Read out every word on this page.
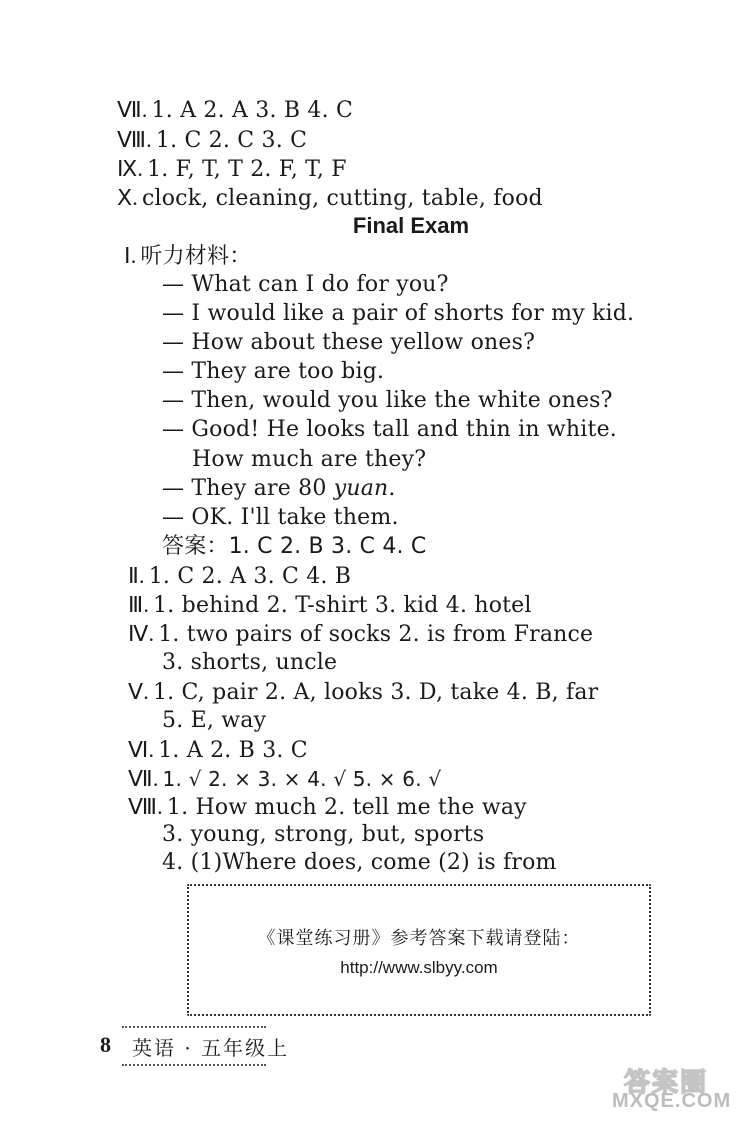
Ⅶ. 1. A 2. A 3. B 4. C
Ⅷ. 1. C 2. C 3. C
Ⅸ. 1. F, T, T 2. F, T, F
Ⅹ. clock, cleaning, cutting, table, food
Final Exam
Ⅰ. 听力材料：
— What can I do for you?
— I would like a pair of shorts for my kid.
— How about these yellow ones?
— They are too big.
— Then, would you like the white ones?
— Good! He looks tall and thin in white.
How much are they?
— They are 80 yuan.
— OK. I'll take them.
答案：1. C 2. B 3. C 4. C
Ⅱ. 1. C 2. A 3. C 4. B
Ⅲ. 1. behind 2. T-shirt 3. kid 4. hotel
Ⅳ. 1. two pairs of socks 2. is from France
3. shorts, uncle
Ⅴ. 1. C, pair 2. A, looks 3. D, take 4. B, far
5. E, way
Ⅵ. 1. A 2. B 3. C
Ⅶ. 1. √ 2. × 3. × 4. √ 5. × 6. √
Ⅷ. 1. How much 2. tell me the way
3. young, strong, but, sports
4. (1)Where does, come (2) is from
《课堂练习册》参考答案下载请登陆：
http://www.slbyy.com
8 英语 · 五年级上
答案圈
MXQE.COM
